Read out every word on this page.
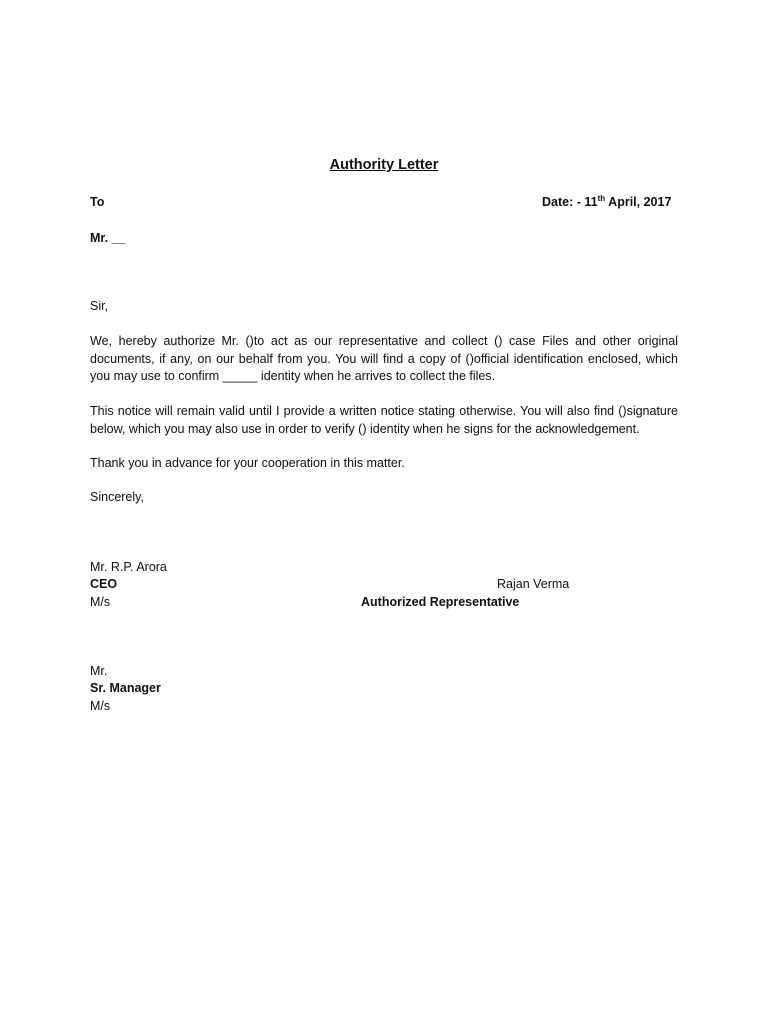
Authority Letter
To	Date: - 11th April, 2017
Mr. __
Sir,
We, hereby authorize Mr. ()to act as our representative and collect () case Files and other original
documents, if any, on our behalf from you. You will find a copy of ()official identification enclosed, which
you may use to confirm _____ identity when he arrives to collect the files.
This notice will remain valid until I provide a written notice stating otherwise. You will also find ()signature
below, which you may also use in order to verify () identity when he signs for the acknowledgement.
Thank you in advance for your cooperation in this matter.
Sincerely,
Mr. R.P. Arora
CEO
M/s
Rajan Verma
Authorized Representative
Mr.
Sr. Manager
M/s
